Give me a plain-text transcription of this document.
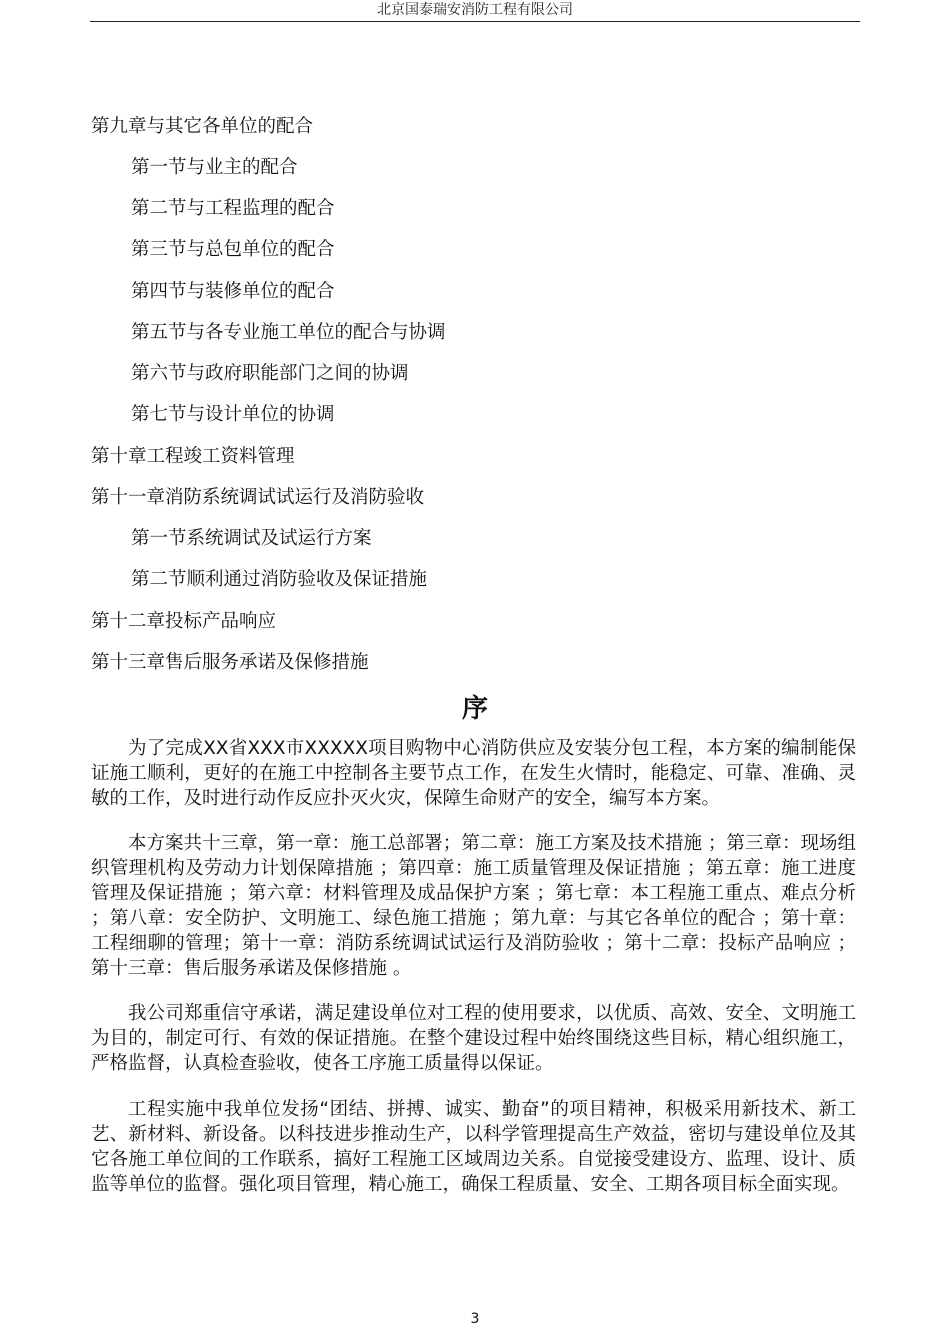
北京国泰瑞安消防工程有限公司
第九章与其它各单位的配合
第一节与业主的配合
第二节与工程监理的配合
第三节与总包单位的配合
第四节与装修单位的配合
第五节与各专业施工单位的配合与协调
第六节与政府职能部门之间的协调
第七节与设计单位的协调
第十章工程竣工资料管理
第十一章消防系统调试试运行及消防验收
第一节系统调试及试运行方案
第二节顺利通过消防验收及保证措施
第十二章投标产品响应
第十三章售后服务承诺及保修措施
序

为了完成XX省XXX市XXXXX项目购物中心消防供应及安装分包工程，本方案的编制能保证施工顺利，更好的在施工中控制各主要节点工作，在发生火情时，能稳定、可靠、准确、灵敏的工作，及时进行动作反应扑灭火灾，保障生命财产的安全，编写本方案。

本方案共十三章，第一章：施工总部署；第二章：施工方案及技术措施 ；第三章：现场组织管理机构及劳动力计划保障措施 ；第四章：施工质量管理及保证措施 ；第五章：施工进度管理及保证措施 ；第六章：材料管理及成品保护方案 ；第七章：本工程施工重点、难点分析 ；第八章：安全防护、文明施工、绿色施工措施 ；第九章：与其它各单位的配合 ；第十章：工程细聊的管理；第十一章：消防系统调试试运行及消防验收 ；第十二章：投标产品响应 ；第十三章：售后服务承诺及保修措施 。

我公司郑重信守承诺，满足建设单位对工程的使用要求，以优质、高效、安全、文明施工为目的，制定可行、有效的保证措施。在整个建设过程中始终围绕这些目标，精心组织施工，严格监督，认真检查验收，使各工序施工质量得以保证。

工程实施中我单位发扬“团结、拼搏、诚实、勤奋”的项目精神，积极采用新技术、新工艺、新材料、新设备。以科技进步推动生产，以科学管理提高生产效益，密切与建设单位及其它各施工单位间的工作联系，搞好工程施工区域周边关系。自觉接受建设方、监理、设计、质监等单位的监督。强化项目管理，精心施工，确保工程质量、安全、工期各项目标全面实现。

3
